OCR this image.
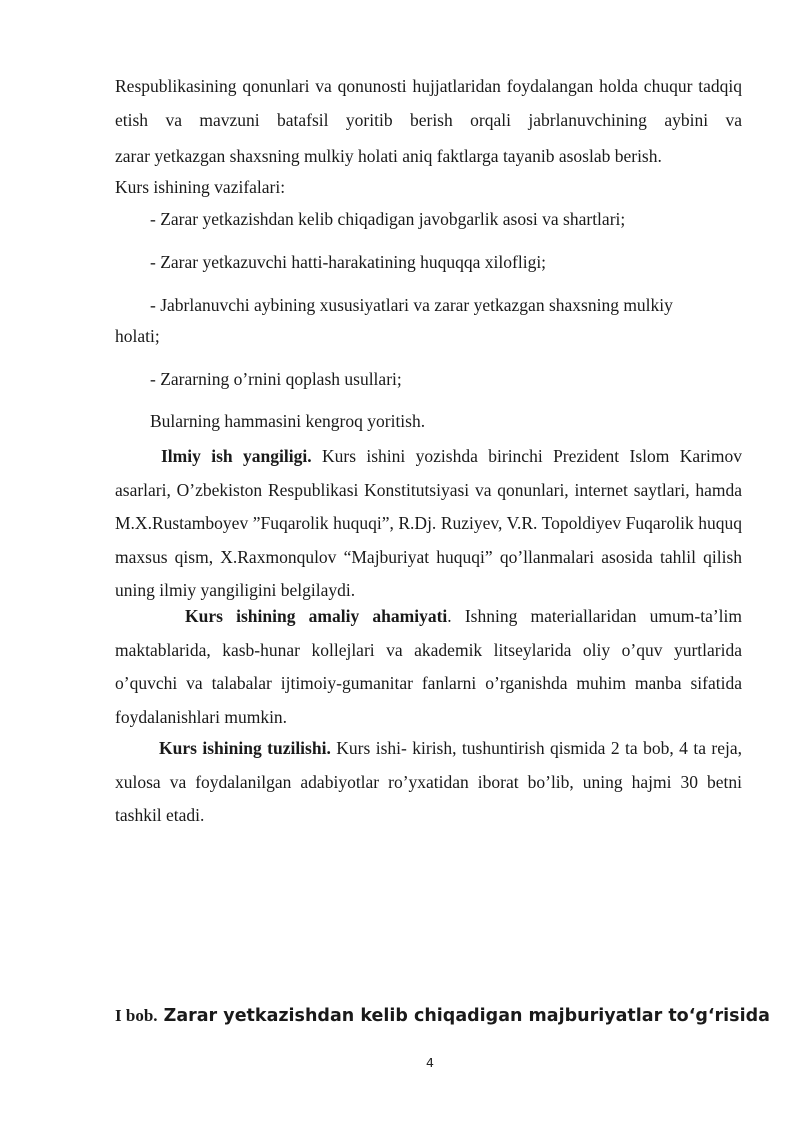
Respublikasining qonunlari va qonunosti hujjatlaridan foydalangan holda chuqur tadqiq etish va mavzuni batafsil yoritib berish orqali jabrlanuvchining aybini va

zarar yetkazgan shaxsning mulkiy holati aniq faktlarga tayanib asoslab berish.

Kurs ishining vazifalari:

- Zarar yetkazishdan kelib chiqadigan javobgarlik asosi va shartlari;

- Zarar yetkazuvchi hatti-harakatining huquqqa xilofligi;

- Jabrlanuvchi aybining xususiyatlari va zarar yetkazgan shaxsning mulkiy

holati;

- Zararning o’rnini qoplash usullari;

Bularning hammasini kengroq yoritish.

Ilmiy ish yangiligi. Kurs ishini yozishda birinchi Prezident Islom Karimov asarlari, O’zbekiston Respublikasi Konstitutsiyasi va qonunlari, internet saytlari, hamda M.X.Rustamboyev ”Fuqarolik huquqi”, R.Dj. Ruziyev, V.R. Topoldiyev Fuqarolik huquq maxsus qism, X.Raxmonqulov “Majburiyat huquqi” qo’llanmalari asosida tahlil qilish uning ilmiy yangiligini belgilaydi.

Kurs ishining amaliy ahamiyati. Ishning materiallaridan umum-ta’lim maktablarida, kasb-hunar kollejlari va akademik litseylarida oliy o’quv yurtlarida o’quvchi va talabalar ijtimoiy-gumanitar fanlarni o’rganishda muhim manba sifatida foydalanishlari mumkin.

Kurs ishining tuzilishi. Kurs ishi- kirish, tushuntirish qismida 2 ta bob, 4 ta reja, xulosa va foydalanilgan adabiyotlar ro’yxatidan iborat bo’lib, uning hajmi 30 betni tashkil etadi.

I bob. Zarar yetkazishdan kelib chiqadigan majburiyatlar to‘g‘risida
4
